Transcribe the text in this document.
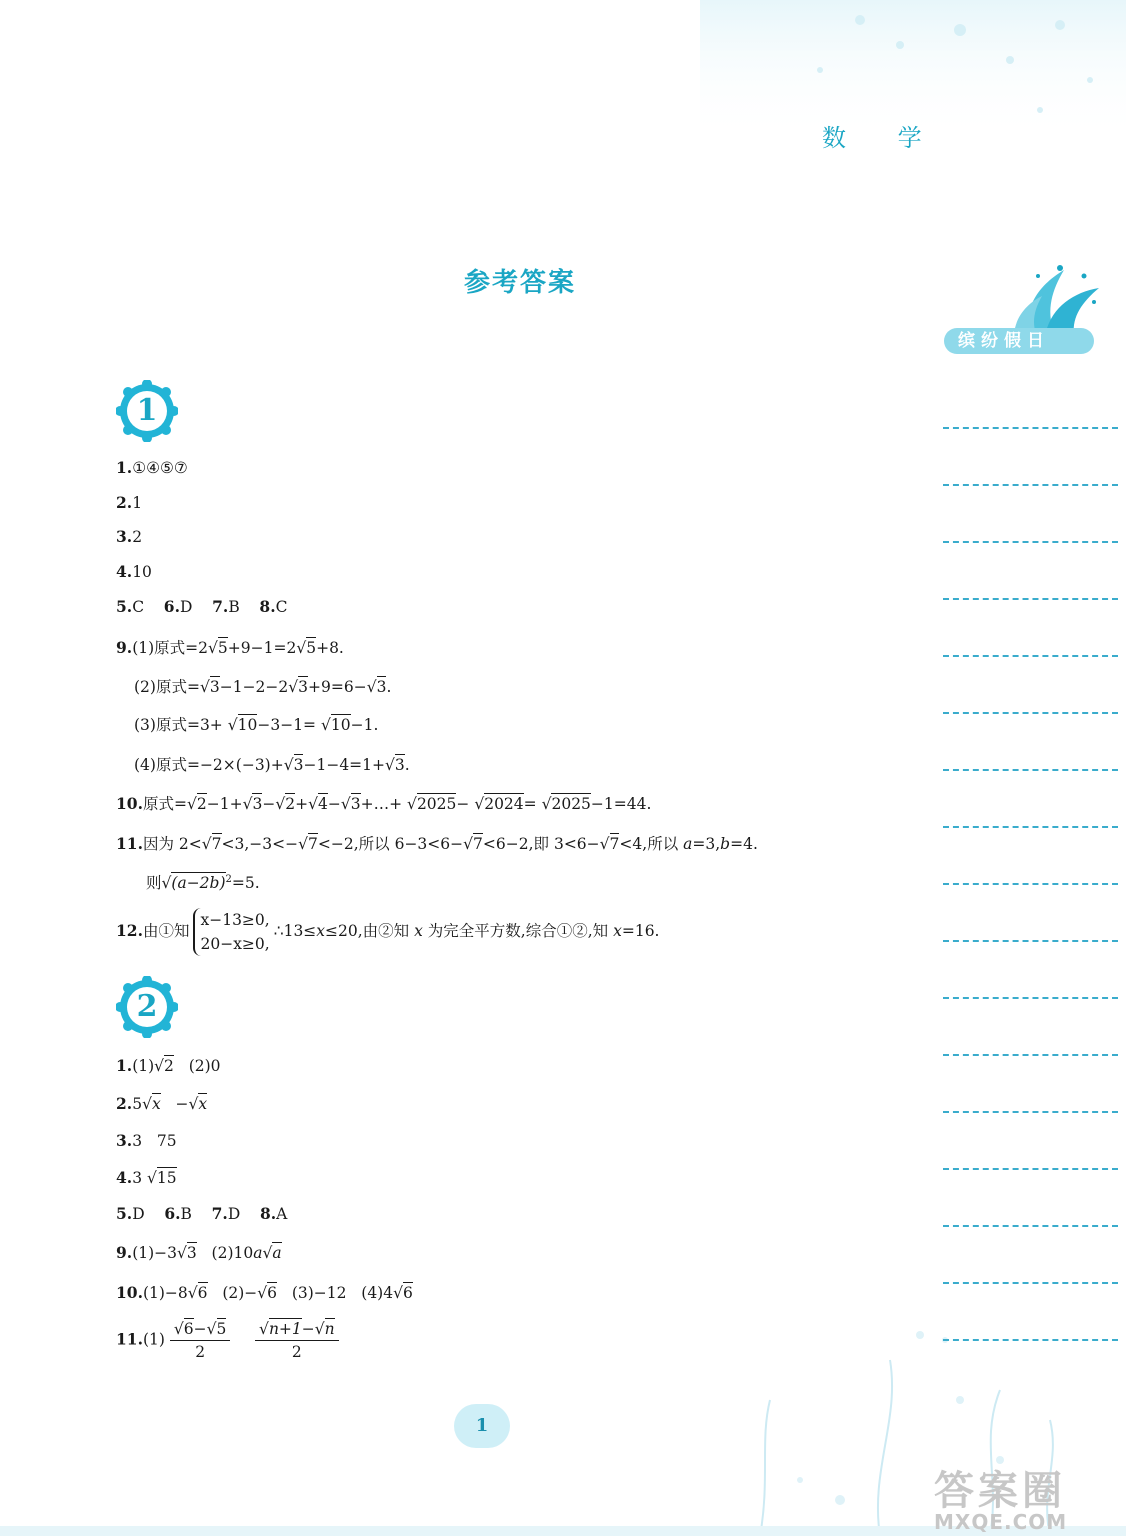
数 学
参考答案
缤纷假日
1
2
1.①④⑤⑦
2.1
3.2
4.10
5.C 6.D 7.B 8.C
9.(1)原式=2√5+9−1=2√5+8.
(2)原式=√3−1−2−2√3+9=6−√3.
(3)原式=3+ √10−3−1= √10−1.
(4)原式=−2×(−3)+√3−1−4=1+√3.
10.原式=√2−1+√3−√2+√4−√3+…+ √2025− √2024= √2025−1=44.
11.因为 2<√7<3,−3<−√7<−2,所以 6−3<6−√7<6−2,即 3<6−√7<4,所以 a=3,b=4.
则$√(a-2b)^2=5$.
12.由①知
x−13≥0,
20−x≥0,
∴13≤x≤20,由②知 x 为完全平方数,综合①②,知 x=16.
1.(1)√2   (2)0
2.5√x   −√x
3.3   75
4.3 √15
5.D 6.B 7.D 8.A
9.(1)−3√3   (2)10a√a
10.(1)−8√6   (2)−√6   (3)−12   (4)4√6
$11.(1) \frac{√6-√5}{2}$
$\frac{√n+1-√n}{2}$
1
答案圈
MXQE.COM
